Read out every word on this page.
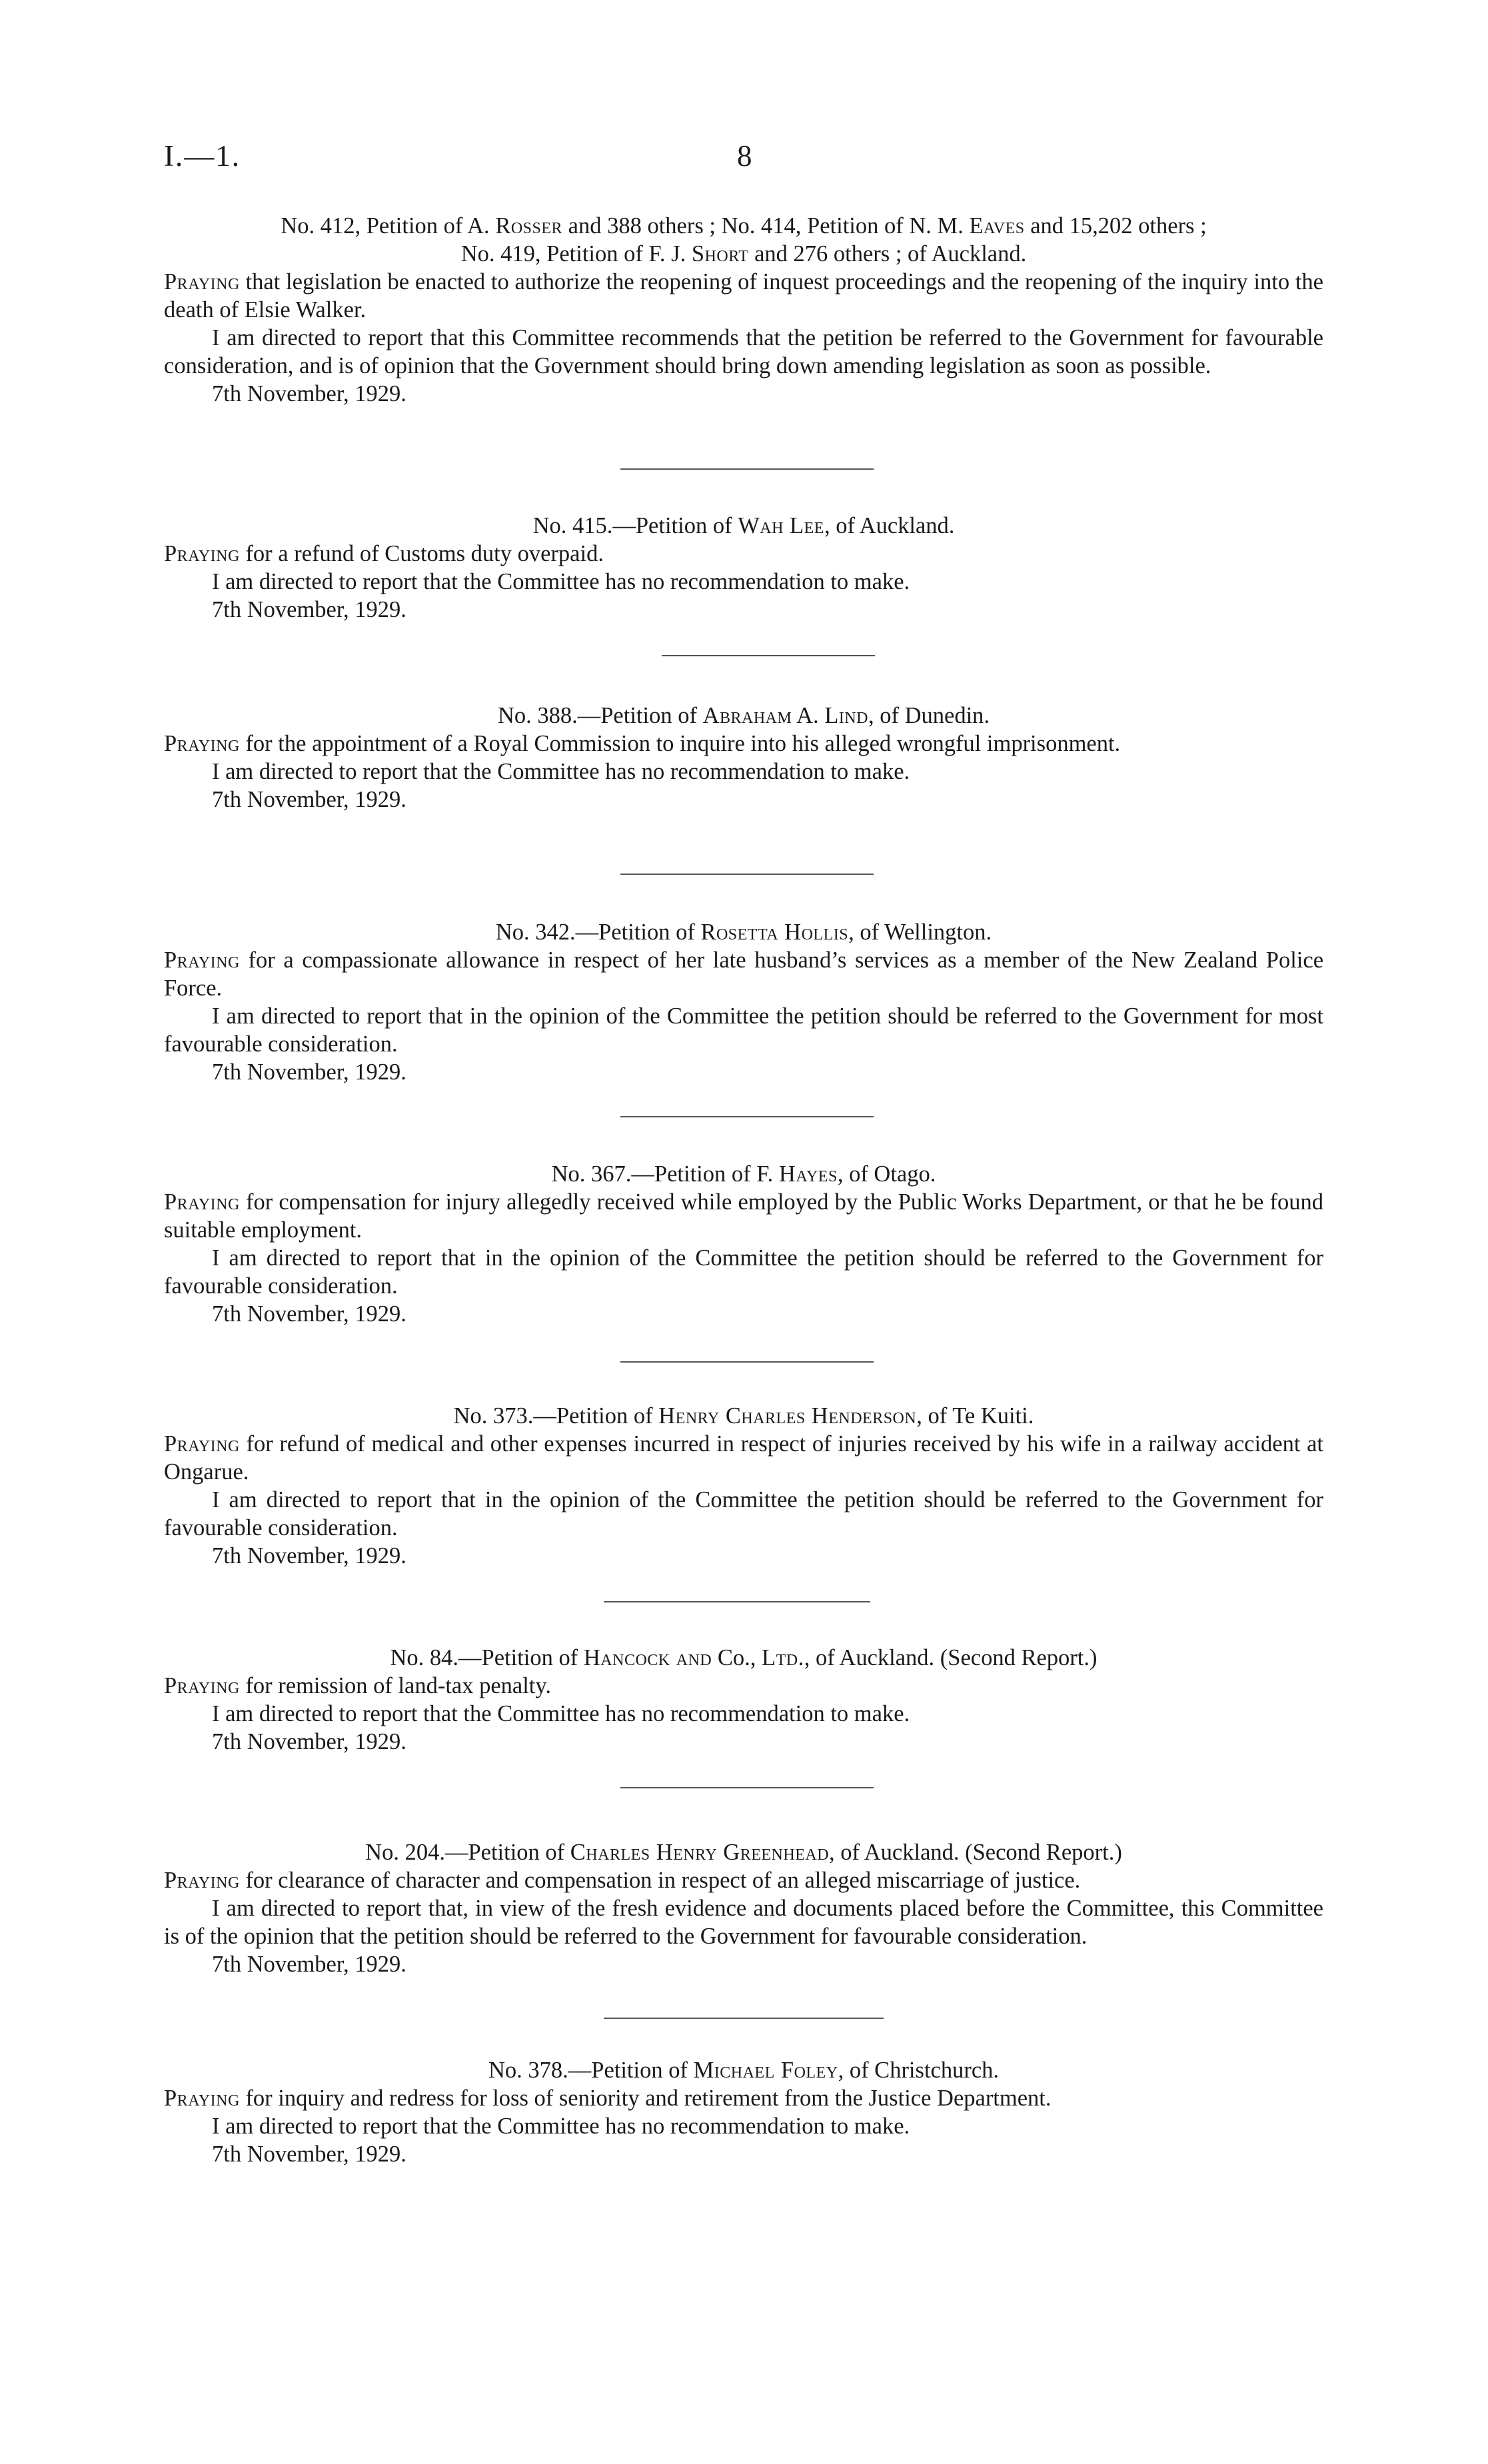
I.—1.	8
No. 412, Petition of A. Rosser and 388 others ; No. 414, Petition of N. M. Eaves and 15,202 others ;
No. 419, Petition of F. J. Short and 276 others ; of Auckland.
Praying that legislation be enacted to authorize the reopening of inquest proceedings and the reopening of the inquiry into the death of Elsie Walker.
I am directed to report that this Committee recommends that the petition be referred to the Government for favourable consideration, and is of opinion that the Government should bring down amending legislation as soon as possible.
7th November, 1929.
No. 415.—Petition of Wah Lee, of Auckland.
Praying for a refund of Customs duty overpaid.
I am directed to report that the Committee has no recommendation to make.
7th November, 1929.
No. 388.—Petition of Abraham A. Lind, of Dunedin.
Praying for the appointment of a Royal Commission to inquire into his alleged wrongful imprisonment.
I am directed to report that the Committee has no recommendation to make.
7th November, 1929.
No. 342.—Petition of Rosetta Hollis, of Wellington.
Praying for a compassionate allowance in respect of her late husband’s services as a member of the New Zealand Police Force.
I am directed to report that in the opinion of the Committee the petition should be referred to the Government for most favourable consideration.
7th November, 1929.
No. 367.—Petition of F. Hayes, of Otago.
Praying for compensation for injury allegedly received while employed by the Public Works Department, or that he be found suitable employment.
I am directed to report that in the opinion of the Committee the petition should be referred to the Government for favourable consideration.
7th November, 1929.
No. 373.—Petition of Henry Charles Henderson, of Te Kuiti.
Praying for refund of medical and other expenses incurred in respect of injuries received by his wife in a railway accident at Ongarue.
I am directed to report that in the opinion of the Committee the petition should be referred to the Government for favourable consideration.
7th November, 1929.
No. 84.—Petition of Hancock and Co., Ltd., of Auckland. (Second Report.)
Praying for remission of land-tax penalty.
I am directed to report that the Committee has no recommendation to make.
7th November, 1929.
No. 204.—Petition of Charles Henry Greenhead, of Auckland. (Second Report.)
Praying for clearance of character and compensation in respect of an alleged miscarriage of justice.
I am directed to report that, in view of the fresh evidence and documents placed before the Committee, this Committee is of the opinion that the petition should be referred to the Government for favourable consideration.
7th November, 1929.
No. 378.—Petition of Michael Foley, of Christchurch.
Praying for inquiry and redress for loss of seniority and retirement from the Justice Department.
I am directed to report that the Committee has no recommendation to make.
7th November, 1929.
